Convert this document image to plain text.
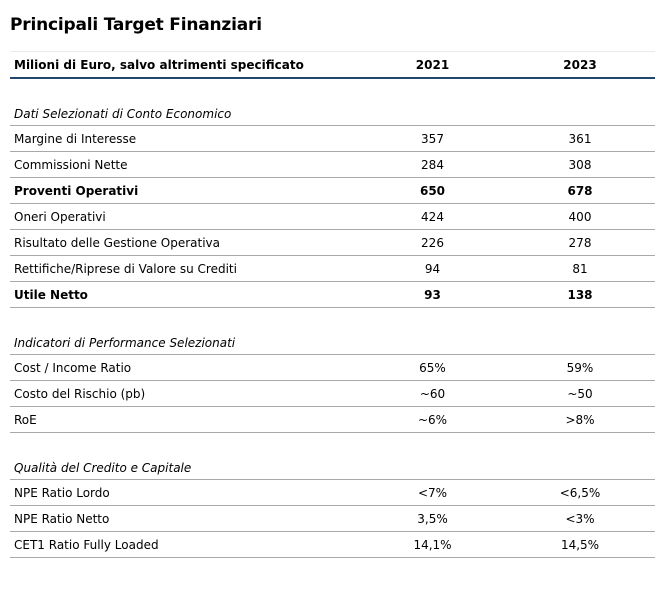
Principali Target Finanziari
Milioni di Euro, salvo altrimenti specificato	2021	2023
Dati Selezionati di Conto Economico
Margine di Interesse	357	361
Commissioni Nette	284	308
Proventi Operativi	650	678
Oneri Operativi	424	400
Risultato delle Gestione Operativa	226	278
Rettifiche/Riprese di Valore su Crediti	94	81
Utile Netto	93	138
Indicatori di Performance Selezionati
Cost / Income Ratio	65%	59%
Costo del Rischio (pb)	~60	~50
RoE	~6%	>8%
Qualità del Credito e Capitale
NPE Ratio Lordo	<7%	<6,5%
NPE Ratio Netto	3,5%	<3%
CET1 Ratio Fully Loaded	14,1%	14,5%
